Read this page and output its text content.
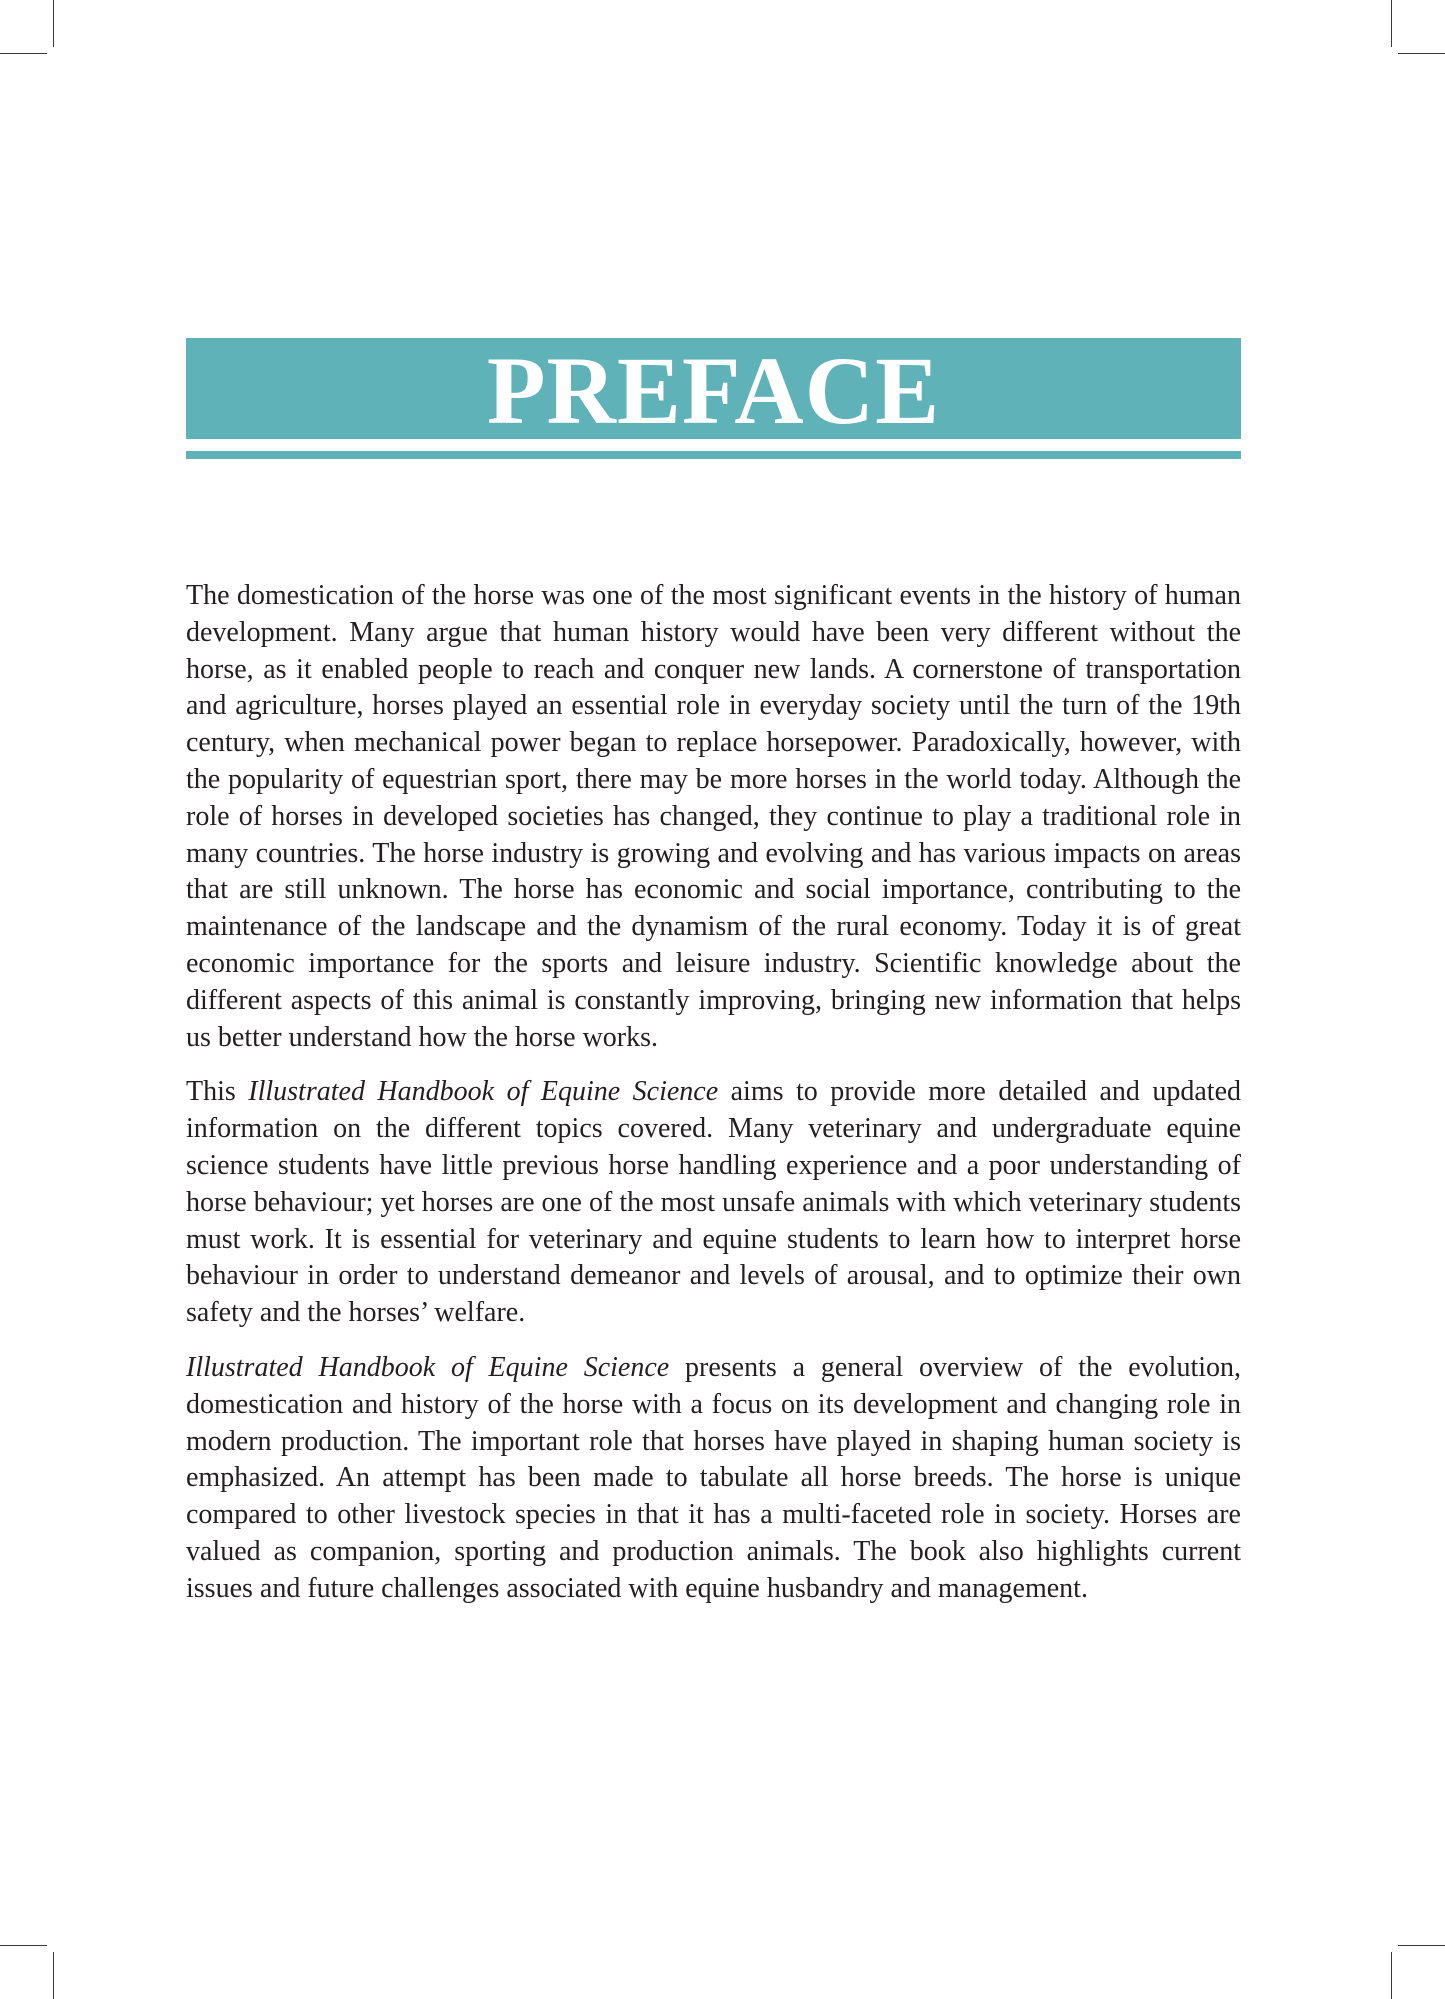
PREFACE

The domestication of the horse was one of the most significant events in the history of human development. Many argue that human history would have been very different without the horse, as it enabled people to reach and conquer new lands. A cornerstone of transportation and agriculture, horses played an essential role in everyday society until the turn of the 19th century, when mechanical power began to replace horsepower. Paradoxically, however, with the popularity of equestrian sport, there may be more horses in the world today. Although the role of horses in developed societies has changed, they continue to play a traditional role in many countries. The horse industry is growing and evolving and has various impacts on areas that are still unknown. The horse has economic and social importance, contributing to the maintenance of the landscape and the dynamism of the rural economy. Today it is of great economic importance for the sports and leisure industry. Scientific knowledge about the different aspects of this animal is constantly improving, bringing new information that helps us better understand how the horse works.

This Illustrated Handbook of Equine Science aims to provide more detailed and updated information on the different topics covered. Many veterinary and undergraduate equine science students have little previous horse handling experience and a poor understanding of horse behaviour; yet horses are one of the most unsafe animals with which veterinary students must work. It is essential for veterinary and equine students to learn how to interpret horse behaviour in order to understand demeanor and levels of arousal, and to optimize their own safety and the horses’ welfare.

Illustrated Handbook of Equine Science presents a general overview of the evolution, domestication and history of the horse with a focus on its development and changing role in modern production. The important role that horses have played in shaping human society is emphasized. An attempt has been made to tabulate all horse breeds. The horse is unique compared to other livestock species in that it has a multi-faceted role in society. Horses are valued as companion, sporting and production animals. The book also highlights current issues and future challenges associated with equine husbandry and management.
